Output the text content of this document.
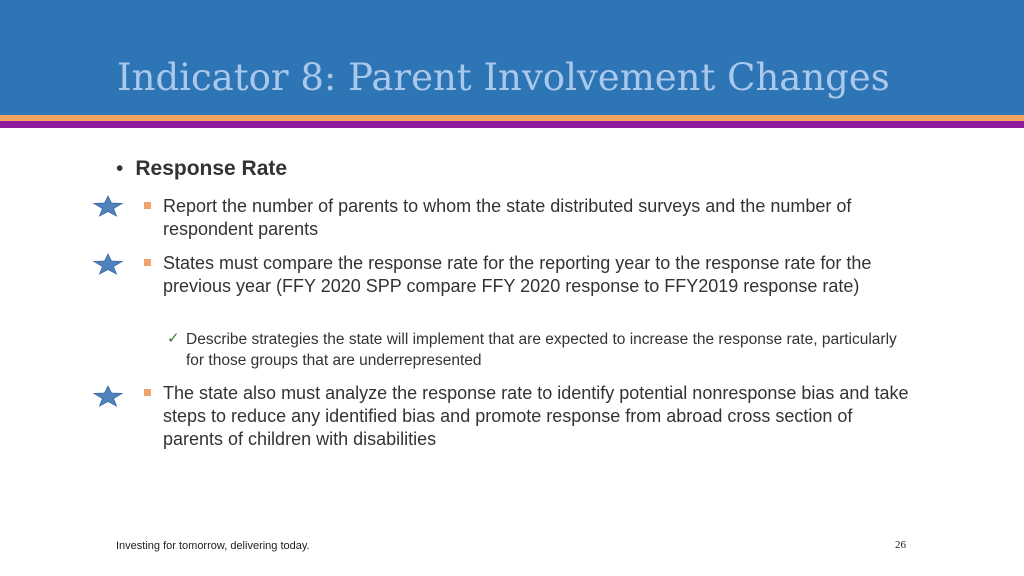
Indicator 8: Parent Involvement Changes
• Response Rate
Report the number of parents to whom the state distributed surveys and the number of respondent parents
States must compare the response rate for the reporting year to the response rate for the previous year (FFY 2020 SPP compare FFY 2020 response to FFY2019 response rate)
✓ Describe strategies the state will implement that are expected to increase the response rate, particularly for those groups that are underrepresented
The state also must analyze the response rate to identify potential nonresponse bias and take steps to reduce any identified bias and promote response from abroad cross section of parents of children with disabilities
Investing for tomorrow, delivering today.	26
